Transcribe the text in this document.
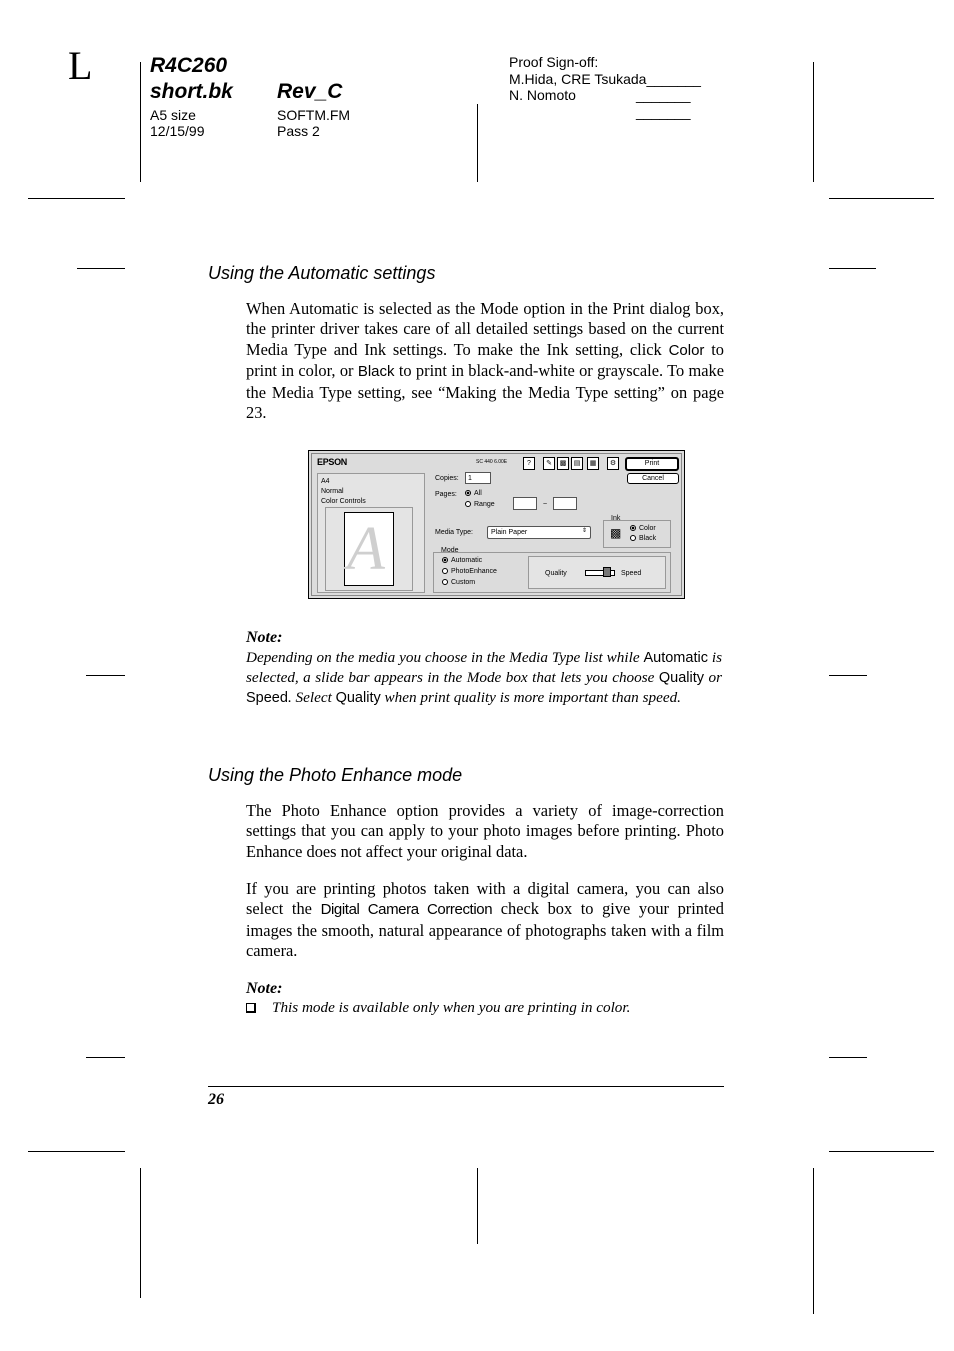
L	R4C260
short.bk Rev_C
A5 size
12/15/99
SOFTM.FM
Pass 2
Proof Sign-off:
M.Hida, CRE Tsukada_______
N. Nomoto	_______
_______
Using the Automatic settings

When Automatic is selected as the Mode option in the Print dialog box, the printer driver takes care of all detailed settings based on the current Media Type and Ink settings. To make the Ink setting, click Color to print in color, or Black to print in black-and-white or grayscale. To make the Media Type setting, see “Making the Media Type setting” on page 23.

EPSON	SC 440 6.00E	?	✎	▩	▤	▦	⚙	Print
Cancel
A4
Normal
Color Controls
A
Copies: 1
Pages:	All
Range	~
Media Type:	Plain Paper	⇕
Ink
▩	Color
Black
Mode
Automatic
PhotoEnhance
Custom
Quality	Speed
Note:

Depending on the media you choose in the Media Type list while Automatic is selected, a slide bar appears in the Mode box that lets you choose Quality or Speed. Select Quality when print quality is more important than speed.

Using the Photo Enhance mode

The Photo Enhance option provides a variety of image-correction settings that you can apply to your photo images before printing. Photo Enhance does not affect your original data.

If you are printing photos taken with a digital camera, you can also select the Digital Camera Correction check box to give your printed images the smooth, natural appearance of photographs taken with a film camera.

Note:
This mode is available only when you are printing in color.
26
